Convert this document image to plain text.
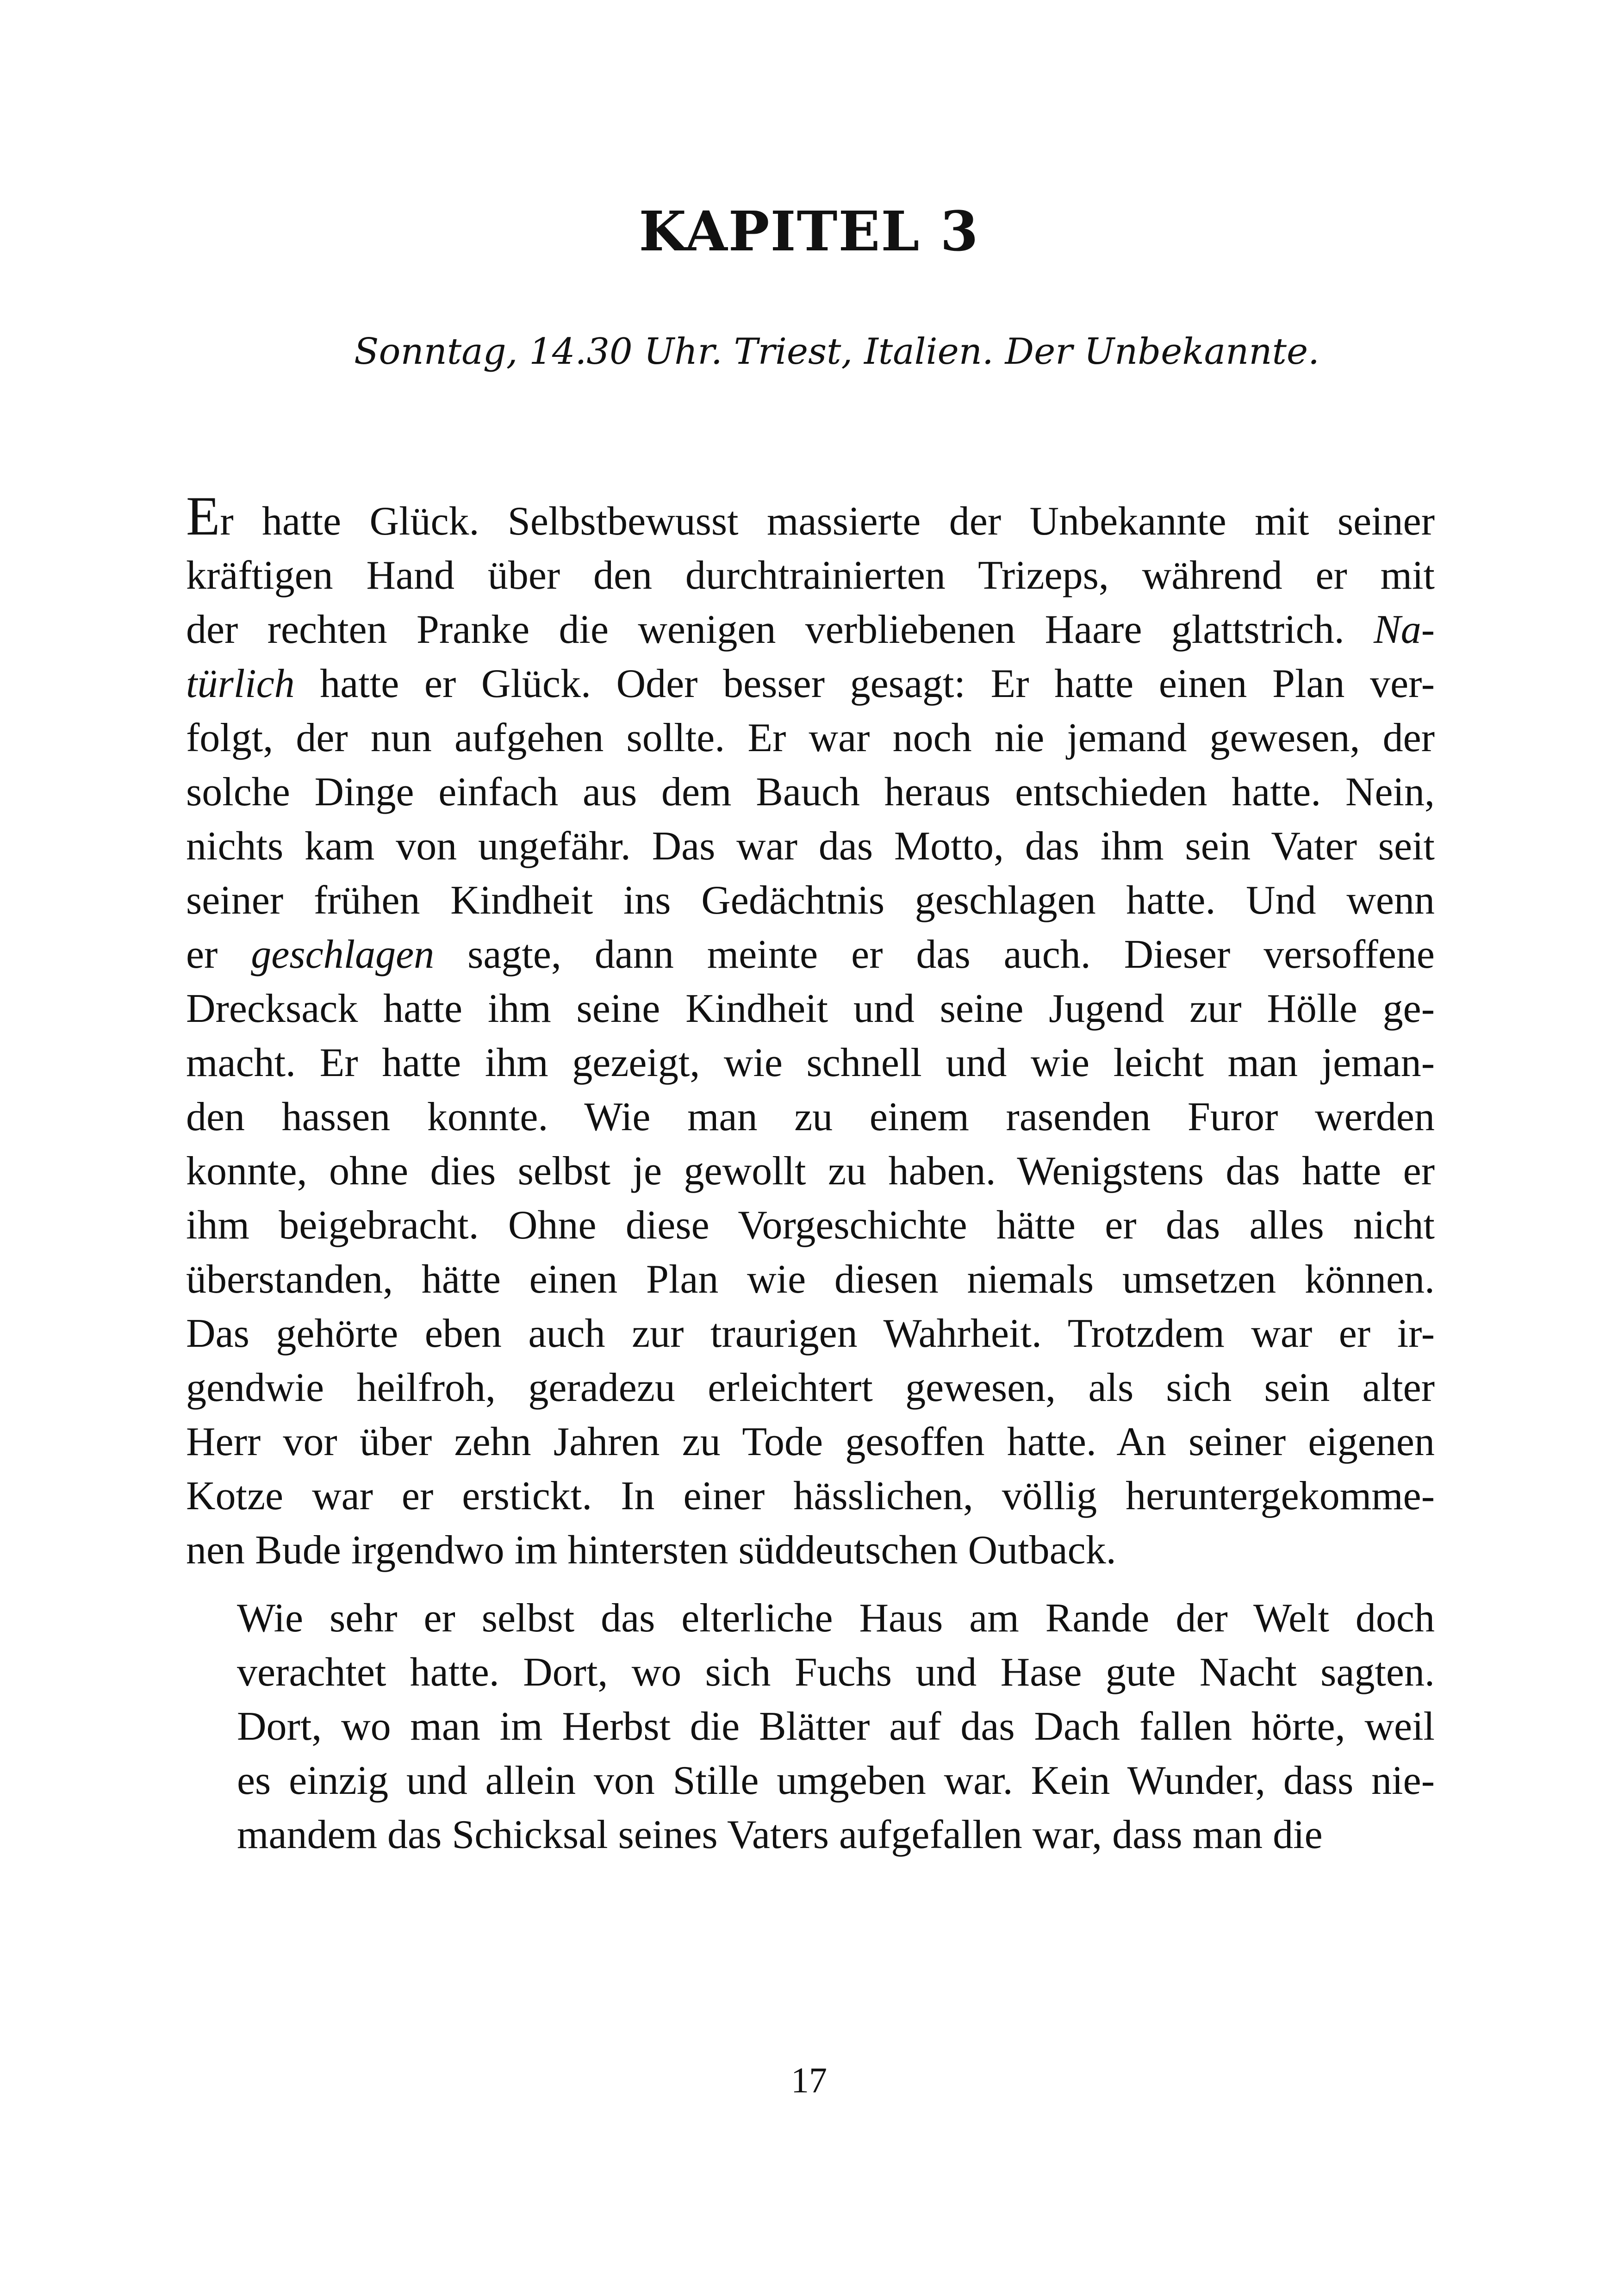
KAPITEL 3

Sonntag, 14.30 Uhr. Triest, Italien. Der Unbekannte.

Er hatte Glück. Selbstbewusst massierte der Unbekannte mit seiner
kräftigen Hand über den durchtrainierten Trizeps, während er mit
der rechten Pranke die wenigen verbliebenen Haare glattstrich. Na-
türlich hatte er Glück. Oder besser gesagt: Er hatte einen Plan ver-
folgt, der nun aufgehen sollte. Er war noch nie jemand gewesen, der
solche Dinge einfach aus dem Bauch heraus entschieden hatte. Nein,
nichts kam von ungefähr. Das war das Motto, das ihm sein Vater seit
seiner frühen Kindheit ins Gedächtnis geschlagen hatte. Und wenn
er geschlagen sagte, dann meinte er das auch. Dieser versoffene
Drecksack hatte ihm seine Kindheit und seine Jugend zur Hölle ge-
macht. Er hatte ihm gezeigt, wie schnell und wie leicht man jeman-
den hassen konnte. Wie man zu einem rasenden Furor werden
konnte, ohne dies selbst je gewollt zu haben. Wenigstens das hatte er
ihm beigebracht. Ohne diese Vorgeschichte hätte er das alles nicht
überstanden, hätte einen Plan wie diesen niemals umsetzen können.
Das gehörte eben auch zur traurigen Wahrheit. Trotzdem war er ir-
gendwie heilfroh, geradezu erleichtert gewesen, als sich sein alter
Herr vor über zehn Jahren zu Tode gesoffen hatte. An seiner eigenen
Kotze war er erstickt. In einer hässlichen, völlig heruntergekomme-
nen Bude irgendwo im hintersten süddeutschen Outback.

Wie sehr er selbst das elterliche Haus am Rande der Welt doch
verachtet hatte. Dort, wo sich Fuchs und Hase gute Nacht sagten.
Dort, wo man im Herbst die Blätter auf das Dach fallen hörte, weil
es einzig und allein von Stille umgeben war. Kein Wunder, dass nie-
mandem das Schicksal seines Vaters aufgefallen war, dass man die

17
